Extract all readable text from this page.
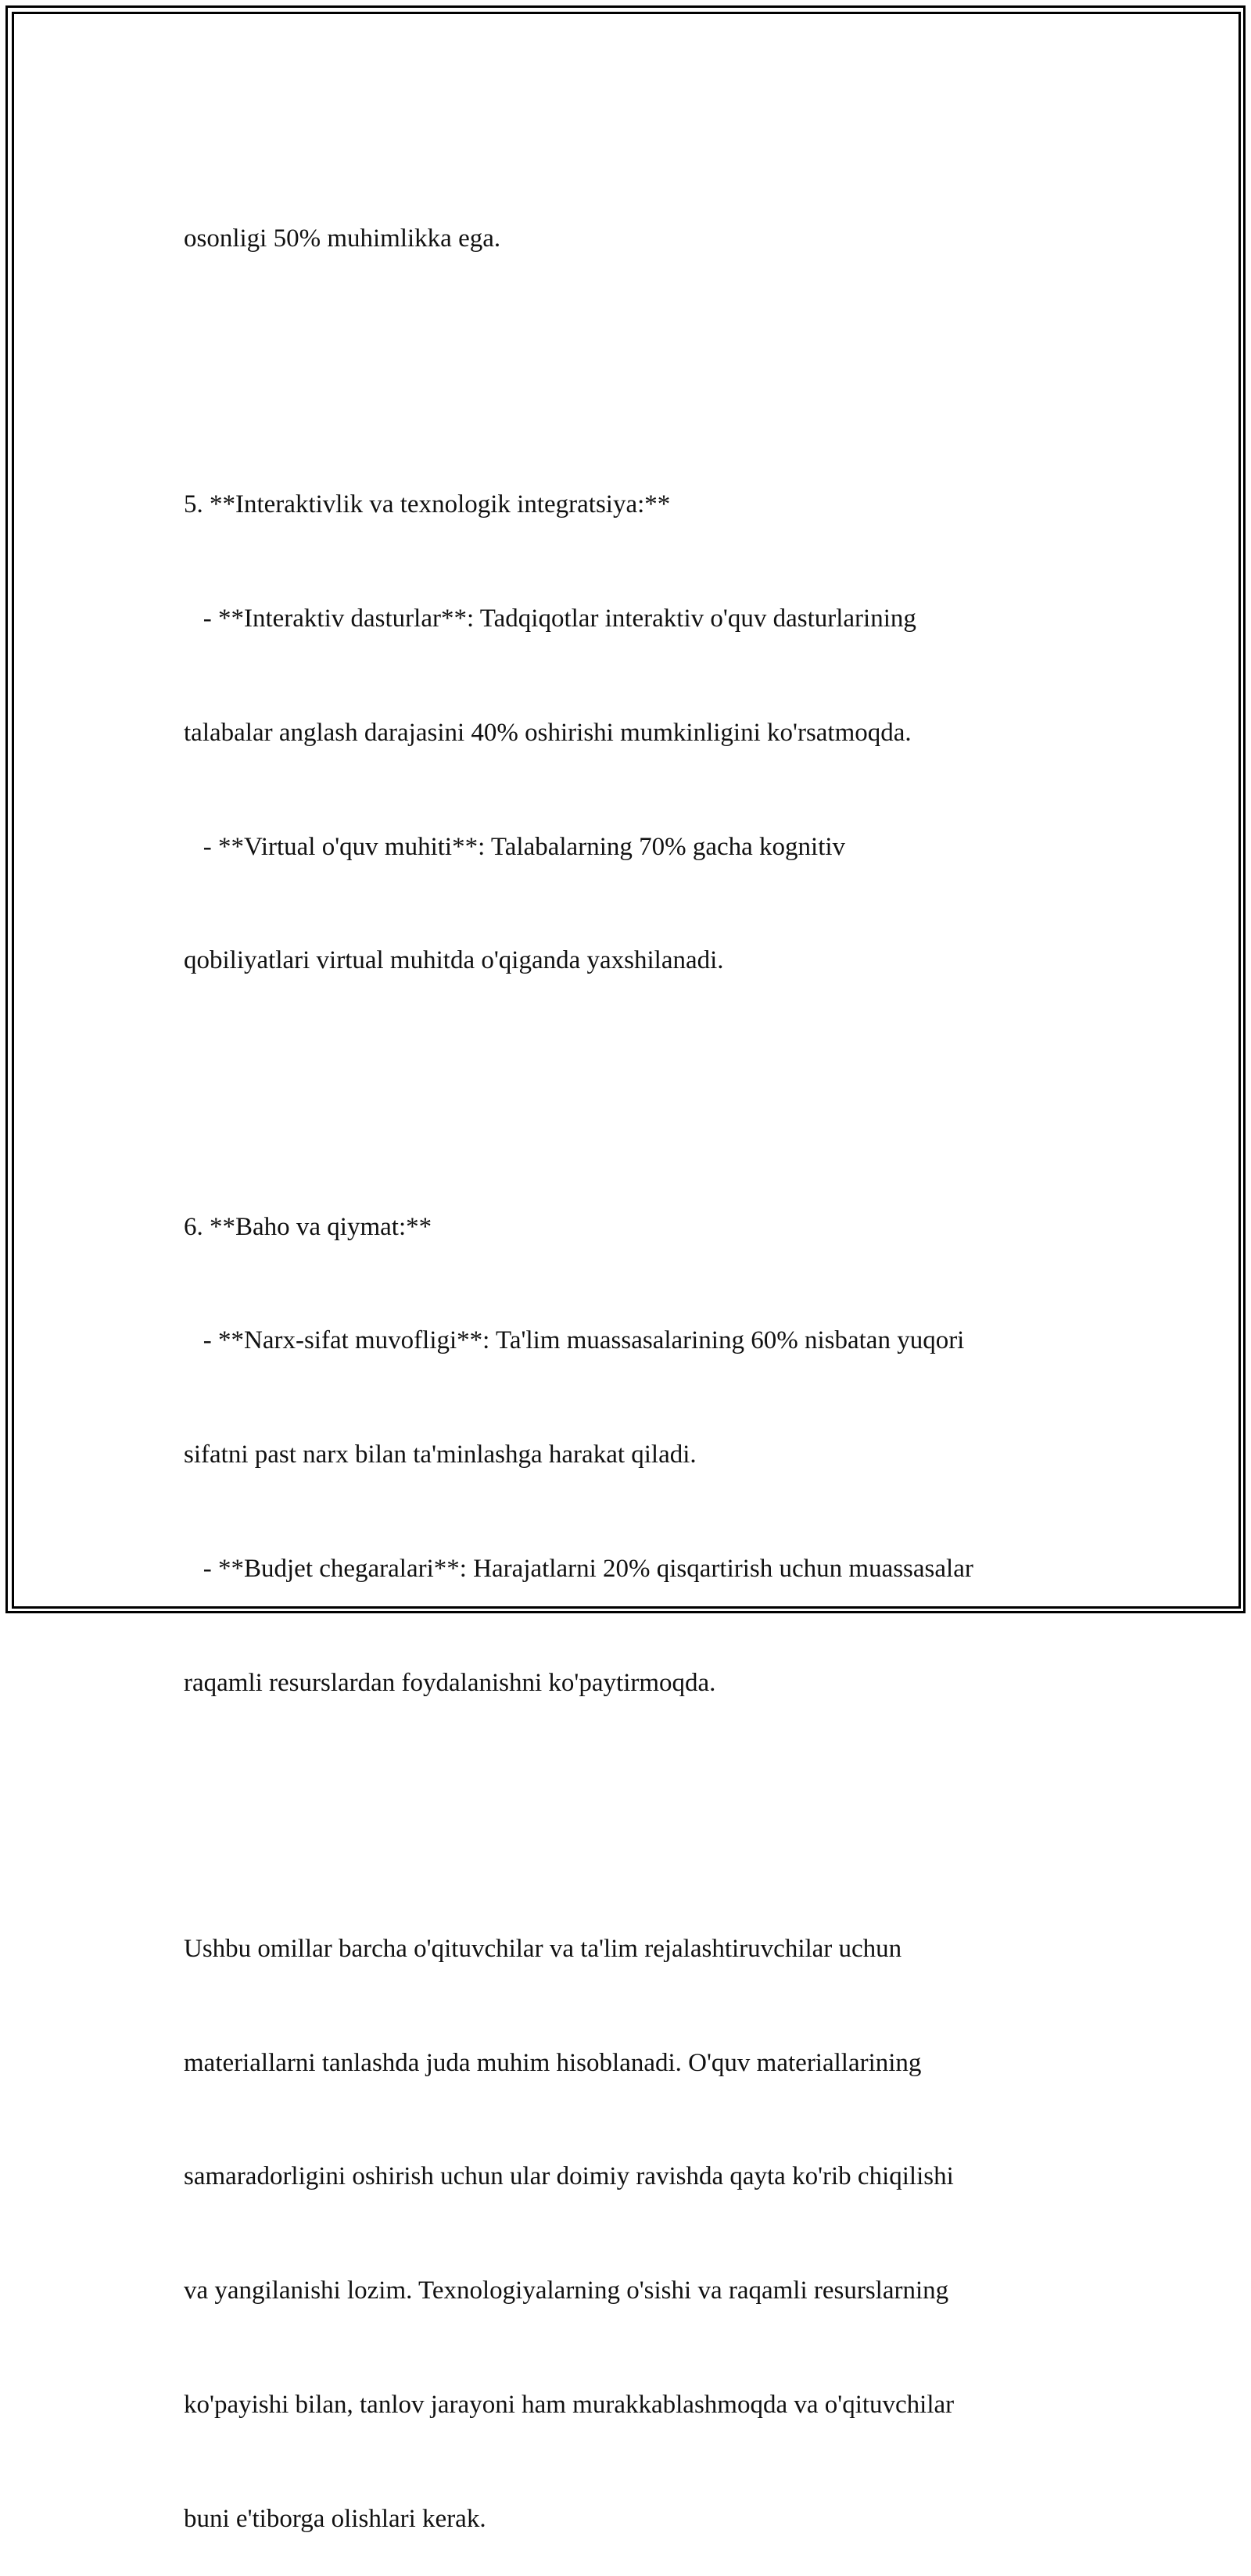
osonligi 50% muhimlikka ega.

5. **Interaktivlik va texnologik integratsiya:**

- **Interaktiv dasturlar**: Tadqiqotlar interaktiv o'quv dasturlarining

talabalar anglash darajasini 40% oshirishi mumkinligini ko'rsatmoqda.

- **Virtual o'quv muhiti**: Talabalarning 70% gacha kognitiv

qobiliyatlari virtual muhitda o'qiganda yaxshilanadi.

6. **Baho va qiymat:**

- **Narx-sifat muvofligi**: Ta'lim muassasalarining 60% nisbatan yuqori

sifatni past narx bilan ta'minlashga harakat qiladi.

- **Budjet chegaralari**: Harajatlarni 20% qisqartirish uchun muassasalar

raqamli resurslardan foydalanishni ko'paytirmoqda.

Ushbu omillar barcha o'qituvchilar va ta'lim rejalashtiruvchilar uchun

materiallarni tanlashda juda muhim hisoblanadi. O'quv materiallarining

samaradorligini oshirish uchun ular doimiy ravishda qayta ko'rib chiqilishi

va yangilanishi lozim. Texnologiyalarning o'sishi va raqamli resurslarning

ko'payishi bilan, tanlov jarayoni ham murakkablashmoqda va o'qituvchilar

buni e'tiborga olishlari kerak.
